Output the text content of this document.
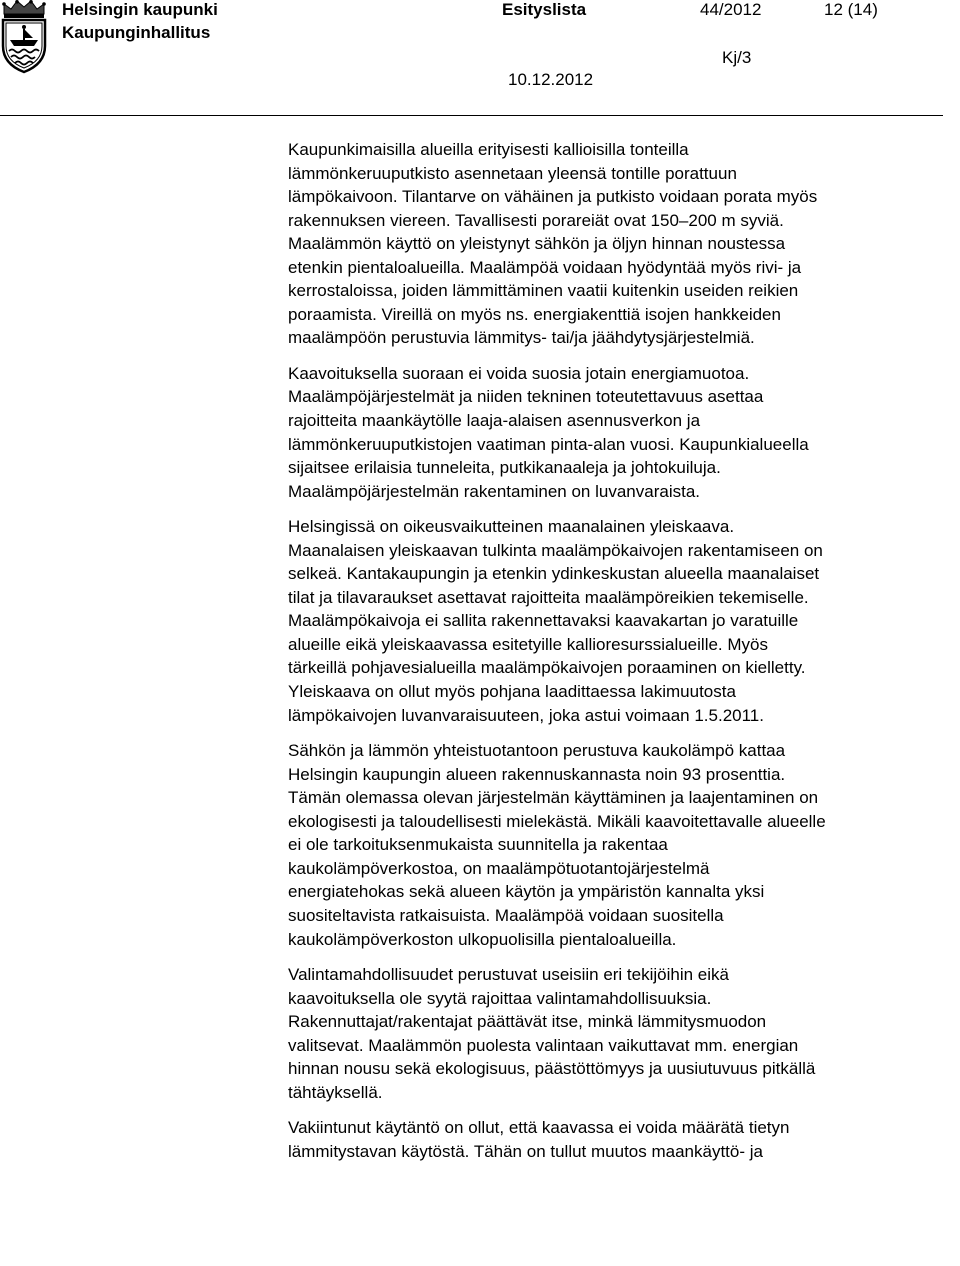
Helsingin kaupunki
Kaupunginhallitus
Esityslista	44/2012	12 (14)
Kj/3
10.12.2012

Kaupunkimaisilla alueilla erityisesti kallioisilla tonteilla
lämmönkeruuputkisto asennetaan yleensä tontille porattuun
lämpökaivoon. Tilantarve on vähäinen ja putkisto voidaan porata myös
rakennuksen viereen. Tavallisesti porareiät ovat 150–200 m syviä.
Maalämmön käyttö on yleistynyt sähkön ja öljyn hinnan noustessa
etenkin pientaloalueilla. Maalämpöä voidaan hyödyntää myös rivi- ja
kerrostaloissa, joiden lämmittäminen vaatii kuitenkin useiden reikien
poraamista. Vireillä on myös ns. energiakenttiä isojen hankkeiden
maalämpöön perustuvia lämmitys- tai/ja jäähdytysjärjestelmiä.

Kaavoituksella suoraan ei voida suosia jotain energiamuotoa.
Maalämpöjärjestelmät ja niiden tekninen toteutettavuus asettaa
rajoitteita maankäytölle laaja-alaisen asennusverkon ja
lämmönkeruuputkistojen vaatiman pinta-alan vuosi. Kaupunkialueella
sijaitsee erilaisia tunneleita, putkikanaaleja ja johtokuiluja.
Maalämpöjärjestelmän rakentaminen on luvanvaraista.

Helsingissä on oikeusvaikutteinen maanalainen yleiskaava.
Maanalaisen yleiskaavan tulkinta maalämpökaivojen rakentamiseen on
selkeä. Kantakaupungin ja etenkin ydinkeskustan alueella maanalaiset
tilat ja tilavaraukset asettavat rajoitteita maalämpöreikien tekemiselle.
Maalämpökaivoja ei sallita rakennettavaksi kaavakartan jo varatuille
alueille eikä yleiskaavassa esitetyille kallioresurssialueille. Myös
tärkeillä pohjavesialueilla maalämpökaivojen poraaminen on kielletty.
Yleiskaava on ollut myös pohjana laadittaessa lakimuutosta
lämpökaivojen luvanvaraisuuteen, joka astui voimaan 1.5.2011.

Sähkön ja lämmön yhteistuotantoon perustuva kaukolämpö kattaa
Helsingin kaupungin alueen rakennuskannasta noin 93 prosenttia.
Tämän olemassa olevan järjestelmän käyttäminen ja laajentaminen on
ekologisesti ja taloudellisesti mielekästä. Mikäli kaavoitettavalle alueelle
ei ole tarkoituksenmukaista suunnitella ja rakentaa
kaukolämpöverkostoa, on maalämpötuotantojärjestelmä
energiatehokas sekä alueen käytön ja ympäristön kannalta yksi
suositeltavista ratkaisuista. Maalämpöä voidaan suositella
kaukolämpöverkoston ulkopuolisilla pientaloalueilla.

Valintamahdollisuudet perustuvat useisiin eri tekijöihin eikä
kaavoituksella ole syytä rajoittaa valintamahdollisuuksia.
Rakennuttajat/rakentajat päättävät itse, minkä lämmitysmuodon
valitsevat. Maalämmön puolesta valintaan vaikuttavat mm. energian
hinnan nousu sekä ekologisuus, päästöttömyys ja uusiutuvuus pitkällä
tähtäyksellä.

Vakiintunut käytäntö on ollut, että kaavassa ei voida määrätä tietyn
lämmitystavan käytöstä. Tähän on tullut muutos maankäyttö- ja
